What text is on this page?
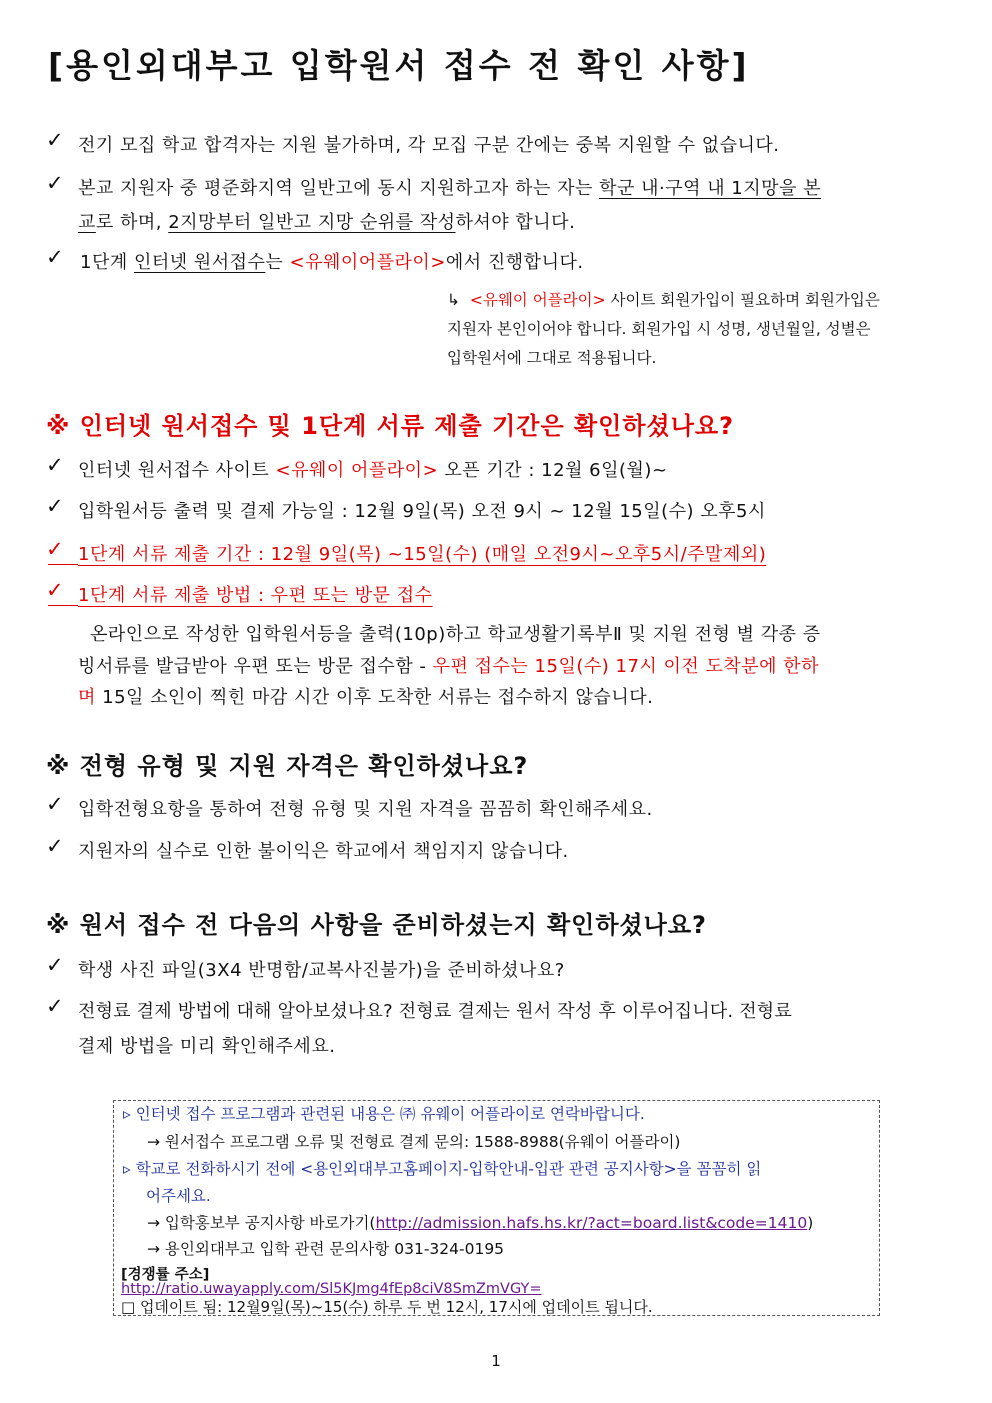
[용인외대부고 입학원서 접수 전 확인 사항]
✓ 전기 모집 학교 합격자는 지원 불가하며, 각 모집 구분 간에는 중복 지원할 수 없습니다.
✓ 본교 지원자 중 평준화지역 일반고에 동시 지원하고자 하는 자는 학군 내·구역 내 1지망을 본
교로 하며, 2지망부터 일반고 지망 순위를 작성하셔야 합니다.
✓ 1단계 인터넷 원서접수는 <유웨이어플라이>에서 진행합니다.
↳ <유웨이 어플라이> 사이트 회원가입이 필요하며 회원가입은
지원자 본인이어야 합니다. 회원가입 시 성명, 생년월일, 성별은
입학원서에 그대로 적용됩니다.
※ 인터넷 원서접수 및 1단계 서류 제출 기간은 확인하셨나요?
✓ 인터넷 원서접수 사이트 <유웨이 어플라이> 오픈 기간 : 12월 6일(월)~
✓ 입학원서등 출력 및 결제 가능일 : 12월 9일(목) 오전 9시 ~ 12월 15일(수) 오후5시
✓ 1단계 서류 제출 기간 : 12월 9일(목) ~15일(수) (매일 오전9시~오후5시/주말제외)
✓ 1단계 서류 제출 방법 : 우편 또는 방문 접수
온라인으로 작성한 입학원서등을 출력(10p)하고 학교생활기록부Ⅱ 및 지원 전형 별 각종 증
빙서류를 발급받아 우편 또는 방문 접수함 - 우편 접수는 15일(수) 17시 이전 도착분에 한하
며 15일 소인이 찍힌 마감 시간 이후 도착한 서류는 접수하지 않습니다.
※ 전형 유형 및 지원 자격은 확인하셨나요?
✓ 입학전형요항을 통하여 전형 유형 및 지원 자격을 꼼꼼히 확인해주세요.
✓ 지원자의 실수로 인한 불이익은 학교에서 책임지지 않습니다.
※ 원서 접수 전 다음의 사항을 준비하셨는지 확인하셨나요?
✓ 학생 사진 파일(3X4 반명함/교복사진불가)을 준비하셨나요?
✓ 전형료 결제 방법에 대해 알아보셨나요? 전형료 결제는 원서 작성 후 이루어집니다. 전형료
결제 방법을 미리 확인해주세요.
▹ 인터넷 접수 프로그램과 관련된 내용은 ㈜ 유웨이 어플라이로 연락바랍니다.
→ 원서접수 프로그램 오류 및 전형료 결제 문의: 1588-8988(유웨이 어플라이)
▹ 학교로 전화하시기 전에 <용인외대부고홈페이지-입학안내-입관 관련 공지사항>을 꼼꼼히 읽
어주세요.
→ 입학홍보부 공지사항 바로가기(http://admission.hafs.hs.kr/?act=board.list&code=1410)
→ 용인외대부고 입학 관련 문의사항 031-324-0195
[경쟁률 주소]
http://ratio.uwayapply.com/Sl5KJmg4fEp8ciV8SmZmVGY=
□ 업데이트 됨: 12월9일(목)~15(수) 하루 두 번 12시, 17시에 업데이트 됩니다.
1
